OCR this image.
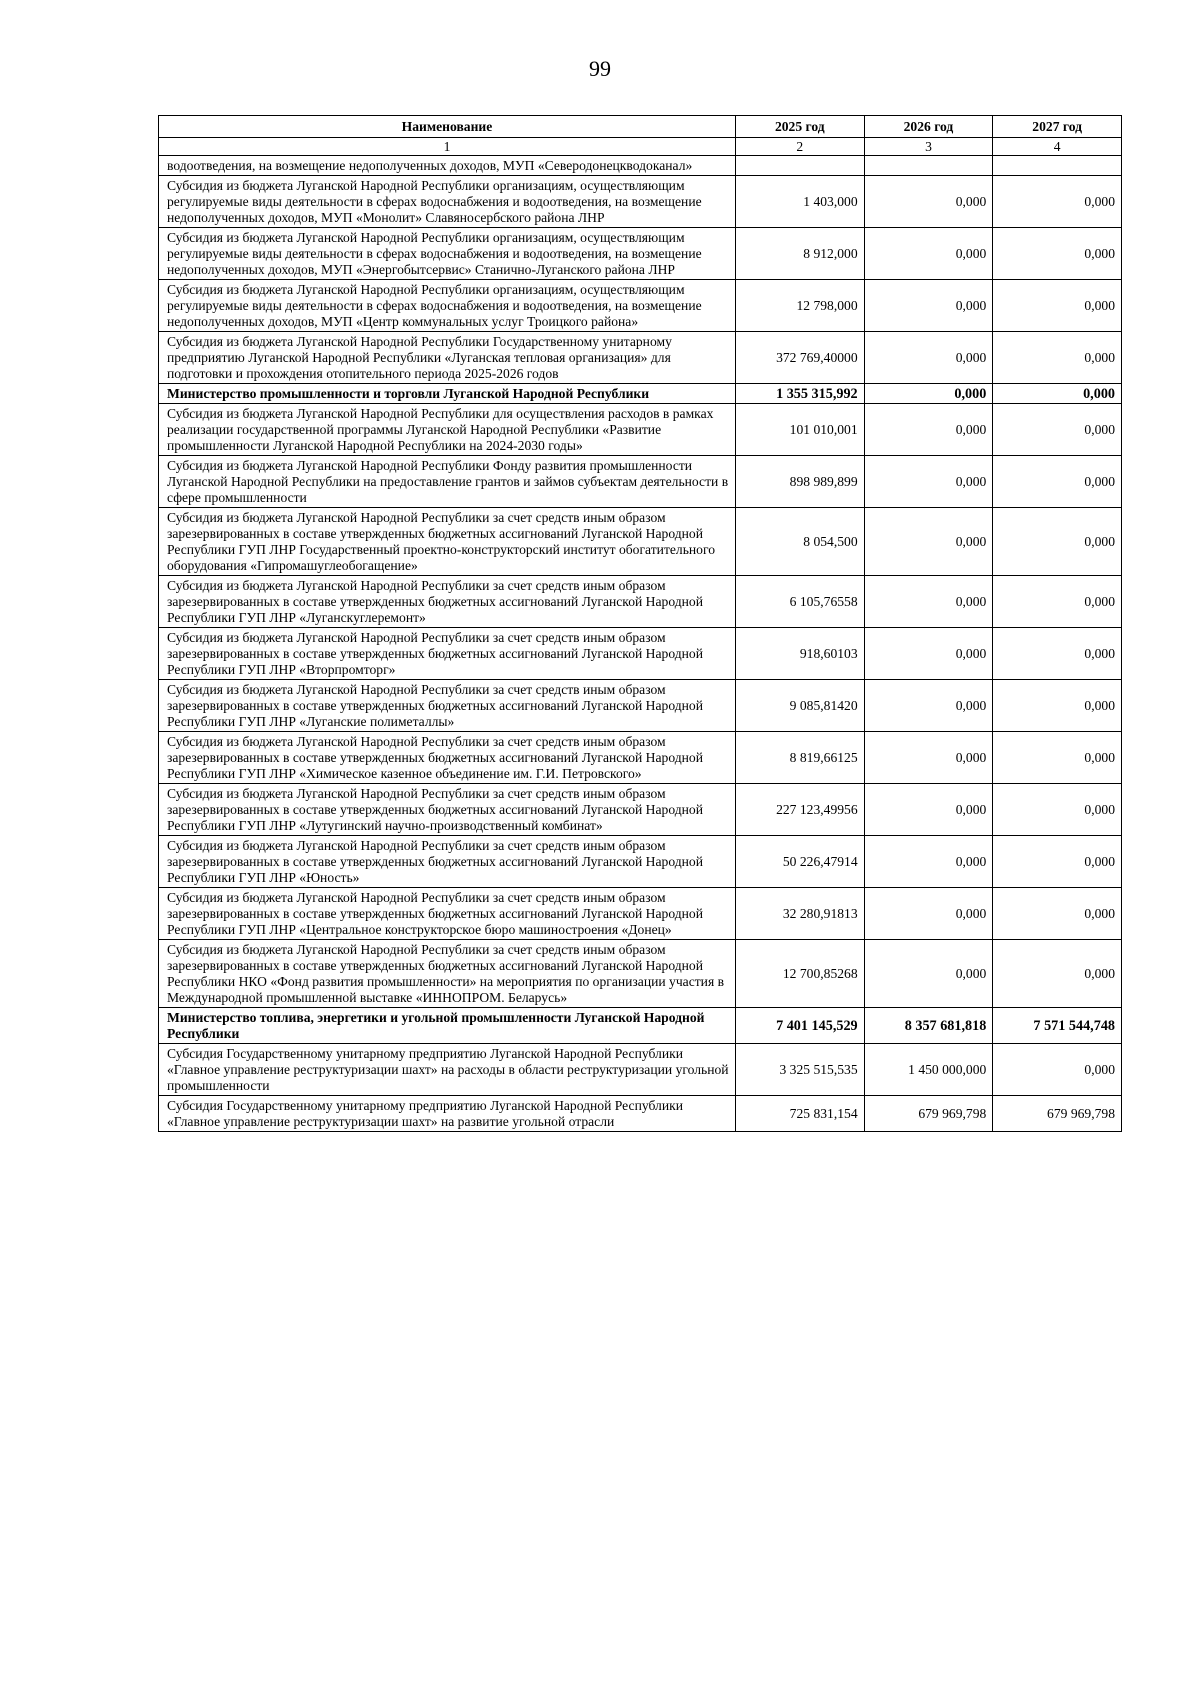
99
Наименование	2025 год	2026 год	2027 год
1	2	3	4
водоотведения, на возмещение недополученных доходов, МУП «Северодонецкводоканал»			
Субсидия из бюджета Луганской Народной Республики организациям, осуществляющим регулируемые виды деятельности в сферах водоснабжения и водоотведения, на возмещение недополученных доходов, МУП «Монолит» Славяносербского района ЛНР	1 403,000	0,000	0,000
Субсидия из бюджета Луганской Народной Республики организациям, осуществляющим регулируемые виды деятельности в сферах водоснабжения и водоотведения, на возмещение недополученных доходов, МУП «Энергобытсервис» Станично-Луганского района ЛНР	8 912,000	0,000	0,000
Субсидия из бюджета Луганской Народной Республики организациям, осуществляющим регулируемые виды деятельности в сферах водоснабжения и водоотведения, на возмещение недополученных доходов, МУП «Центр коммунальных услуг Троицкого района»	12 798,000	0,000	0,000
Субсидия из бюджета Луганской Народной Республики Государственному унитарному предприятию Луганской Народной Республики «Луганская тепловая организация» для подготовки и прохождения отопительного периода 2025-2026 годов	372 769,40000	0,000	0,000
Министерство промышленности и торговли Луганской Народной Республики	1 355 315,992	0,000	0,000
Субсидия из бюджета Луганской Народной Республики для осуществления расходов в рамках реализации государственной программы Луганской Народной Республики «Развитие промышленности Луганской Народной Республики на 2024-2030 годы»	101 010,001	0,000	0,000
Субсидия из бюджета Луганской Народной Республики Фонду развития промышленности Луганской Народной Республики на предоставление грантов и займов субъектам деятельности в сфере промышленности	898 989,899	0,000	0,000
Субсидия из бюджета Луганской Народной Республики за счет средств иным образом зарезервированных в составе утвержденных бюджетных ассигнований Луганской Народной Республики ГУП ЛНР Государственный проектно-конструкторский институт обогатительного оборудования «Гипромашуглеобогащение»	8 054,500	0,000	0,000
Субсидия из бюджета Луганской Народной Республики за счет средств иным образом зарезервированных в составе утвержденных бюджетных ассигнований Луганской Народной Республики ГУП ЛНР «Луганскуглеремонт»	6 105,76558	0,000	0,000
Субсидия из бюджета Луганской Народной Республики за счет средств иным образом зарезервированных в составе утвержденных бюджетных ассигнований Луганской Народной Республики ГУП ЛНР «Вторпромторг»	918,60103	0,000	0,000
Субсидия из бюджета Луганской Народной Республики за счет средств иным образом зарезервированных в составе утвержденных бюджетных ассигнований Луганской Народной Республики ГУП ЛНР «Луганские полиметаллы»	9 085,81420	0,000	0,000
Субсидия из бюджета Луганской Народной Республики за счет средств иным образом зарезервированных в составе утвержденных бюджетных ассигнований Луганской Народной Республики ГУП ЛНР «Химическое казенное объединение им. Г.И. Петровского»	8 819,66125	0,000	0,000
Субсидия из бюджета Луганской Народной Республики за счет средств иным образом зарезервированных в составе утвержденных бюджетных ассигнований Луганской Народной Республики ГУП ЛНР «Лутугинский научно-производственный комбинат»	227 123,49956	0,000	0,000
Субсидия из бюджета Луганской Народной Республики за счет средств иным образом зарезервированных в составе утвержденных бюджетных ассигнований Луганской Народной Республики ГУП ЛНР «Юность»	50 226,47914	0,000	0,000
Субсидия из бюджета Луганской Народной Республики за счет средств иным образом зарезервированных в составе утвержденных бюджетных ассигнований Луганской Народной Республики ГУП ЛНР «Центральное конструкторское бюро машиностроения «Донец»	32 280,91813	0,000	0,000
Субсидия из бюджета Луганской Народной Республики за счет средств иным образом зарезервированных в составе утвержденных бюджетных ассигнований Луганской Народной Республики НКО «Фонд развития промышленности» на мероприятия по организации участия в Международной промышленной выставке «ИННОПРОМ. Беларусь»	12 700,85268	0,000	0,000
Министерство топлива, энергетики и угольной промышленности Луганской Народной Республики	7 401 145,529	8 357 681,818	7 571 544,748
Субсидия Государственному унитарному предприятию Луганской Народной Республики «Главное управление реструктуризации шахт» на расходы в области реструктуризации угольной промышленности	3 325 515,535	1 450 000,000	0,000
Субсидия Государственному унитарному предприятию Луганской Народной Республики «Главное управление реструктуризации шахт» на развитие угольной отрасли	725 831,154	679 969,798	679 969,798
